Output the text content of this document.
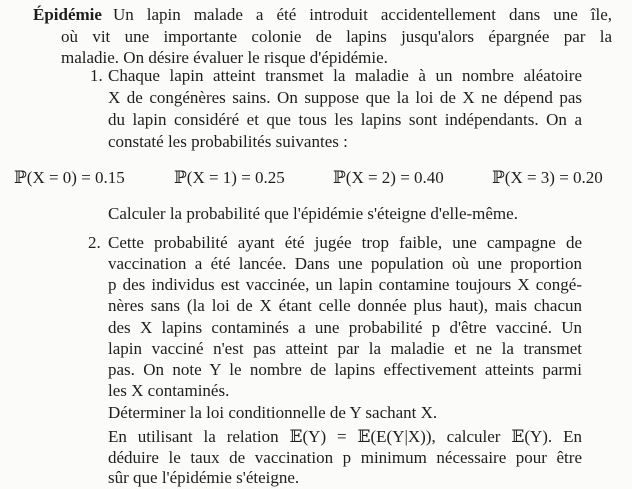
Épidémie Un lapin malade a été introduit accidentellement dans une île,
où vit une importante colonie de lapins jusqu'alors épargnée par la
maladie. On désire évaluer le risque d'épidémie.
1. Chaque lapin atteint transmet la maladie à un nombre aléatoire
X de congénères sains. On suppose que la loi de X ne dépend pas
du lapin considéré et que tous les lapins sont indépendants. On a
constaté les probabilités suivantes :
ℙ(X = 0) = 0.15	ℙ(X = 1) = 0.25	ℙ(X = 2) = 0.40	ℙ(X = 3) = 0.20
Calculer la probabilité que l'épidémie s'éteigne d'elle-même.
2. Cette probabilité ayant été jugée trop faible, une campagne de
vaccination a été lancée. Dans une population où une proportion
p des individus est vaccinée, un lapin contamine toujours X congé-
nères sans (la loi de X étant celle donnée plus haut), mais chacun
des X lapins contaminés a une probabilité p d'être vacciné. Un
lapin vacciné n'est pas atteint par la maladie et ne la transmet
pas. On note Y le nombre de lapins effectivement atteints parmi
les X contaminés.
Déterminer la loi conditionnelle de Y sachant X.
En utilisant la relation 𝔼(Y) = 𝔼(E(Y|X)), calculer 𝔼(Y). En
déduire le taux de vaccination p minimum nécessaire pour être
sûr que l'épidémie s'éteigne.
